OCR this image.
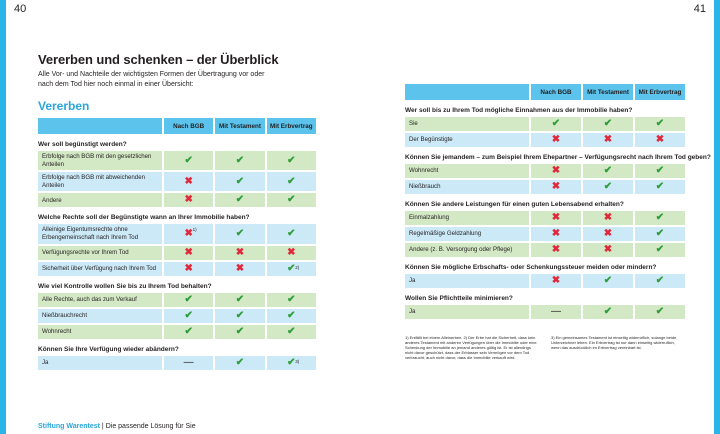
40	41
Vererben und schenken – der Überblick

Alle Vor- und Nachteile der wichtigsten Formen der Übertragung vor oder nach dem Tod hier noch einmal in einer Übersicht:

Vererben
Nach BGB	Mit Testament	Mit Erbvertrag
Wer soll begünstigt werden?
Erbfolge nach BGB mit den gesetzlichen Anteilen	✔	✔	✔
Erbfolge nach BGB mit abweichenden Anteilen	✖	✔	✔
Andere	✖	✔	✔
Welche Rechte soll der Begünstigte wann an Ihrer Immobilie haben?
Alleinige Eigentumsrechte ohne Erbengemeinschaft nach Ihrem Tod	✖ 1)	✔	✔
Verfügungsrechte vor Ihrem Tod	✖	✖	✖
Sicherheit über Verfügung nach Ihrem Tod	✖	✖	✔ 2)
Wie viel Kontrolle wollen Sie bis zu Ihrem Tod behalten?
Alle Rechte, auch das zum Verkauf	✔	✔	✔
Nießbrauchrecht	✔	✔	✔
Wohnrecht	✔	✔	✔
Können Sie Ihre Verfügung wieder abändern?
Ja	—	✔	✔ 3)
Nach BGB	Mit Testament	Mit Erbvertrag
Wer soll bis zu Ihrem Tod mögliche Einnahmen aus der Immobilie haben?
Sie	✔	✔	✔
Der Begünstigte	✖	✖	✖
Können Sie jemandem – zum Beispiel Ihrem Ehepartner – Verfügungsrecht nach Ihrem Tod geben?
Wohnrecht	✖	✔	✔
Nießbrauch	✖	✔	✔
Können Sie andere Leistungen für einen guten Lebensabend erhalten?
Einmalzahlung	✖	✖	✔
Regelmäßige Geldzahlung	✖	✖	✔
Andere (z. B. Versorgung oder Pflege)	✖	✖	✔
Können Sie mögliche Erbschafts- oder Schenkungssteuer meiden oder mindern?
Ja	✖	✔	✔
Wollen Sie Pflichtteile minimieren?
Ja	—	✔	✔

1) Entfällt bei einem Alleinerben. 2) Der Erbe hat die Sicherheit, dass kein anderes Testament mit anderen Verfügungen über die Immobilie oder eine Schenkung der Immobilie an jemand anderes gültig ist. Er ist allerdings nicht davor geschützt, dass der Erblasser sein Vermögen vor dem Tod verbraucht, auch nicht davor, dass die Immobilie verkauft wird.

3) Ein gemeinsames Testament ist einseitig widerruflich, solange beide Unterzeichner leben. Ein Erbvertrag ist nur dann einseitig widerruflich, wenn das ausdrücklich im Erbvertrag vereinbart ist.

Stiftung Warentest | Die passende Lösung für Sie
